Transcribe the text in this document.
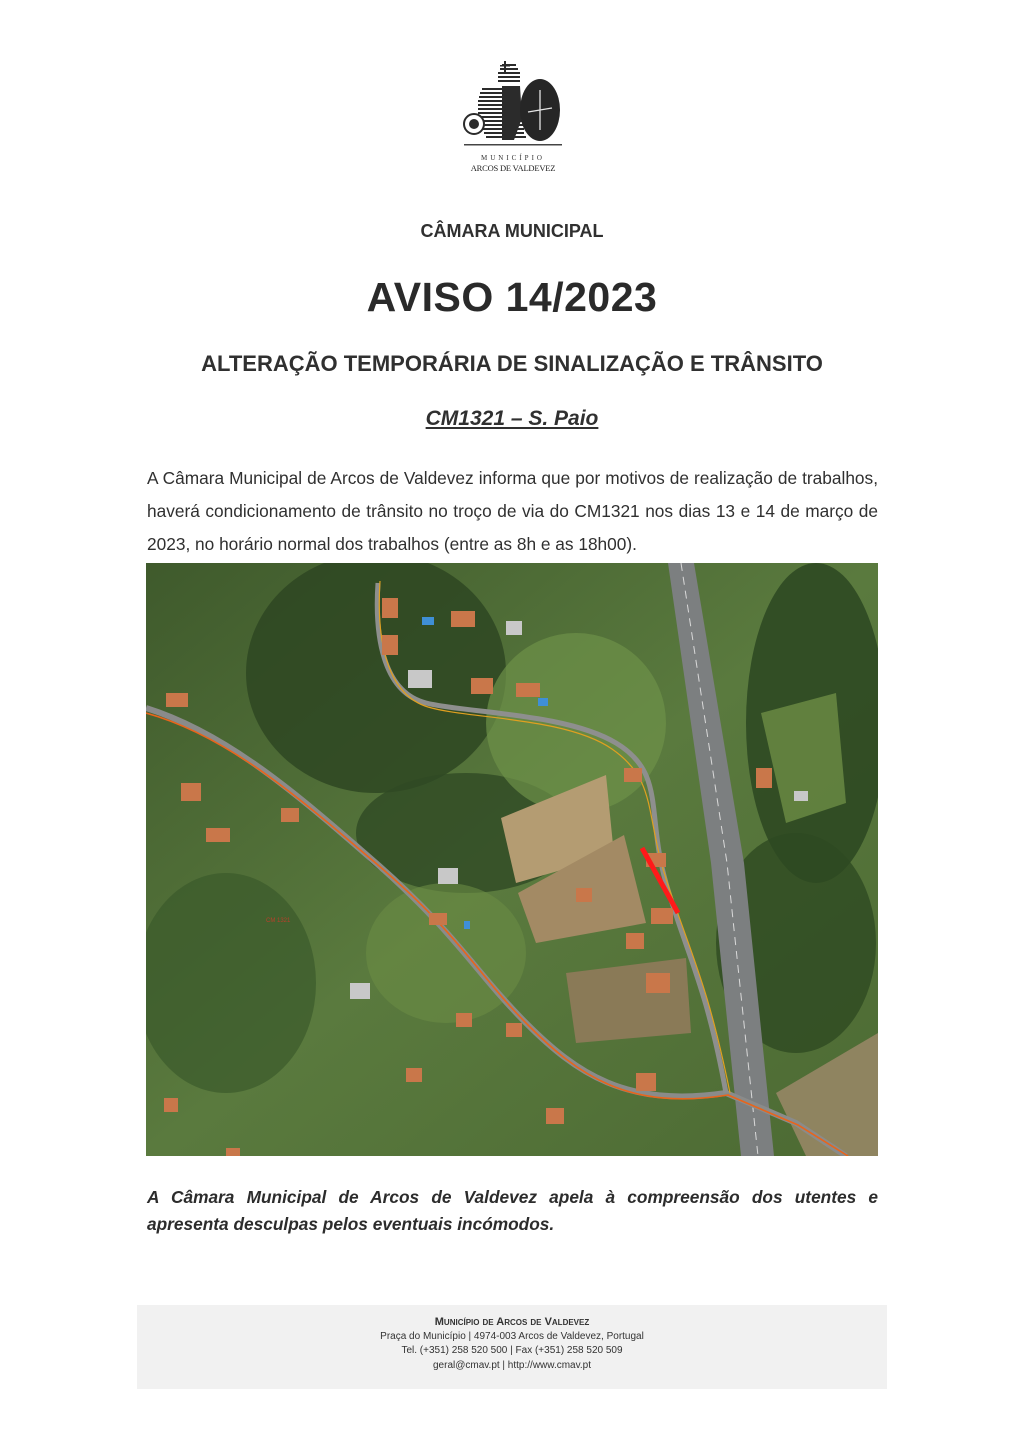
MUNICÍPIO
ARCOS DE VALDEVEZ
CÂMARA MUNICIPAL
AVISO 14/2023
ALTERAÇÃO TEMPORÁRIA DE SINALIZAÇÃO E TRÂNSITO
CM1321 – S. Paio
A Câmara Municipal de Arcos de Valdevez informa que por motivos de realização de trabalhos, haverá condicionamento de trânsito no troço de via do CM1321 nos dias 13 e 14 de março de 2023, no horário normal dos trabalhos (entre as 8h e as 18h00).
CM 1321
A Câmara Municipal de Arcos de Valdevez apela à compreensão dos utentes e
apresenta desculpas pelos eventuais incómodos.
Município de Arcos de Valdevez
Praça do Município | 4974-003 Arcos de Valdevez, Portugal
Tel. (+351) 258 520 500 | Fax (+351) 258 520 509
geral@cmav.pt | http://www.cmav.pt
